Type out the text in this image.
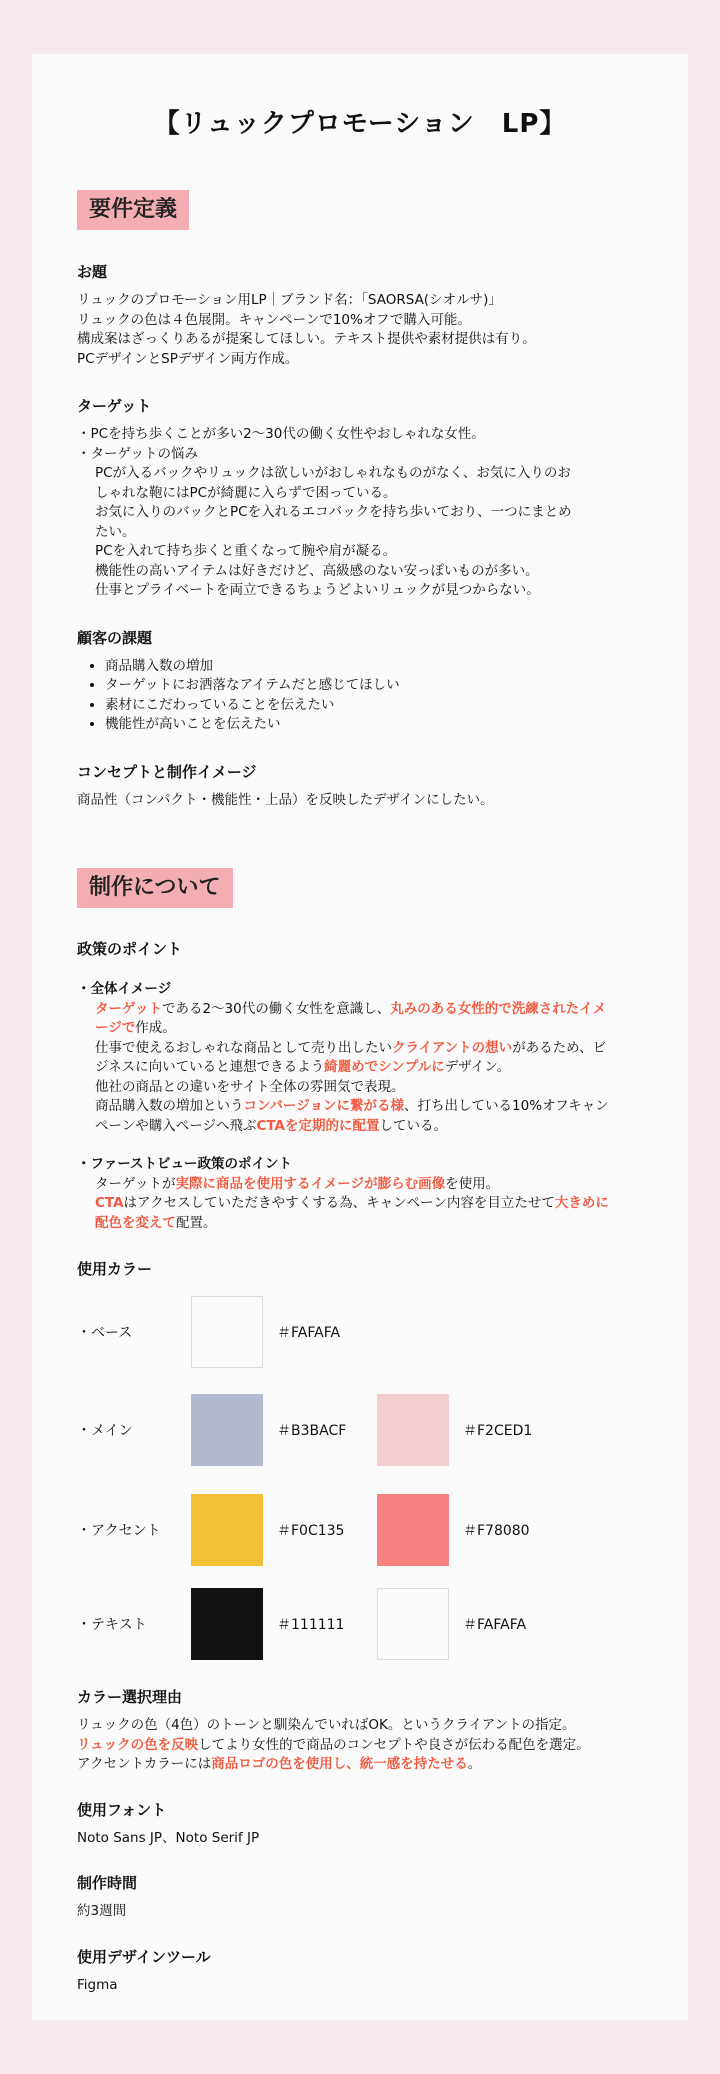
【リュックプロモーション　LP】
要件定義
お題

リュックのプロモーション用LP｜ブランド名：「SAORSA(シオルサ)」

リュックの色は４色展開。キャンペーンで10%オフで購入可能。

構成案はざっくりあるが提案してほしい。テキスト提供や素材提供は有り。

PCデザインとSPデザイン両方作成。

ターゲット

・PCを持ち歩くことが多い2〜30代の働く女性やおしゃれな女性。

・ターゲットの悩み

PCが入るバックやリュックは欲しいがおしゃれなものがなく、お気に入りのお

しゃれな鞄にはPCが綺麗に入らずで困っている。

お気に入りのバックとPCを入れるエコバックを持ち歩いており、一つにまとめ

たい。

PCを入れて持ち歩くと重くなって腕や肩が凝る。

機能性の高いアイテムは好きだけど、高級感のない安っぽいものが多い。

仕事とプライベートを両立できるちょうどよいリュックが見つからない。

顧客の課題
• 商品購入数の増加
• ターゲットにお洒落なアイテムだと感じてほしい
• 素材にこだわっていることを伝えたい
• 機能性が高いことを伝えたい
コンセプトと制作イメージ

商品性（コンパクト・機能性・上品）を反映したデザインにしたい。

制作について
政策のポイント

・全体イメージ

ターゲットである2〜30代の働く女性を意識し、丸みのある女性的で洗練されたイメ

ージで作成。

仕事で使えるおしゃれな商品として売り出したいクライアントの想いがあるため、ビ

ジネスに向いていると連想できるよう綺麗めでシンプルにデザイン。

他社の商品との違いをサイト全体の雰囲気で表現。

商品購入数の増加というコンバージョンに繋がる様、打ち出している10%オフキャン

ペーンや購入ページへ飛ぶCTAを定期的に配置している。

・ファーストビュー政策のポイント

ターゲットが実際に商品を使用するイメージが膨らむ画像を使用。

CTAはアクセスしていただきやすくする為、キャンペーン内容を目立たせて大きめに

配色を変えて配置。

使用カラー
・ベース	＃FAFAFA
・メイン	＃B3BACF	＃F2CED1
・アクセント	＃F0C135	＃F78080
・テキスト	＃111111	＃FAFAFA
カラー選択理由

リュックの色（4色）のトーンと馴染んでいればOK。というクライアントの指定。

リュックの色を反映してより女性的で商品のコンセプトや良さが伝わる配色を選定。

アクセントカラーには商品ロゴの色を使用し、統一感を持たせる。

使用フォント

Noto Sans JP、Noto Serif JP

制作時間

約3週間

使用デザインツール

Figma
